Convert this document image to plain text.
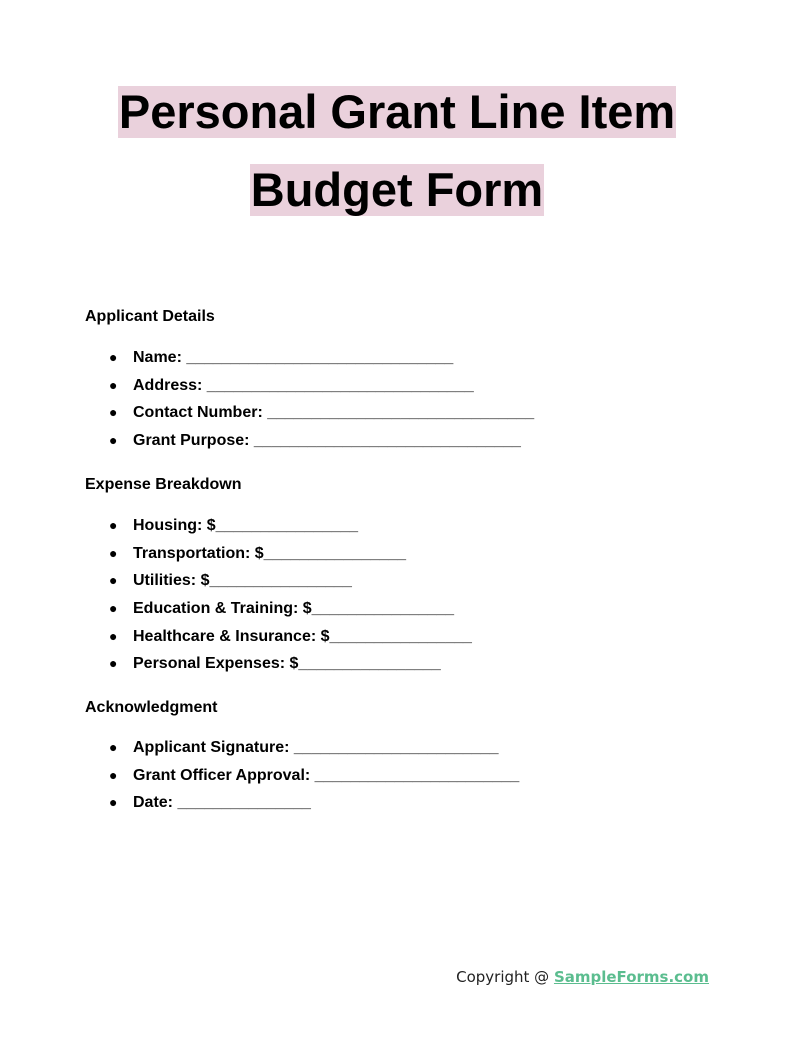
Personal Grant Line Item
Budget Form

Applicant Details

● Name: ______________________________
● Address: ______________________________
● Contact Number: ______________________________
● Grant Purpose: ______________________________

Expense Breakdown

● Housing: $________________
● Transportation: $________________
● Utilities: $________________
● Education & Training: $________________
● Healthcare & Insurance: $________________
● Personal Expenses: $________________

Acknowledgment

● Applicant Signature: _______________________
● Grant Officer Approval: _______________________
● Date: _______________
Copyright @ SampleForms.com
